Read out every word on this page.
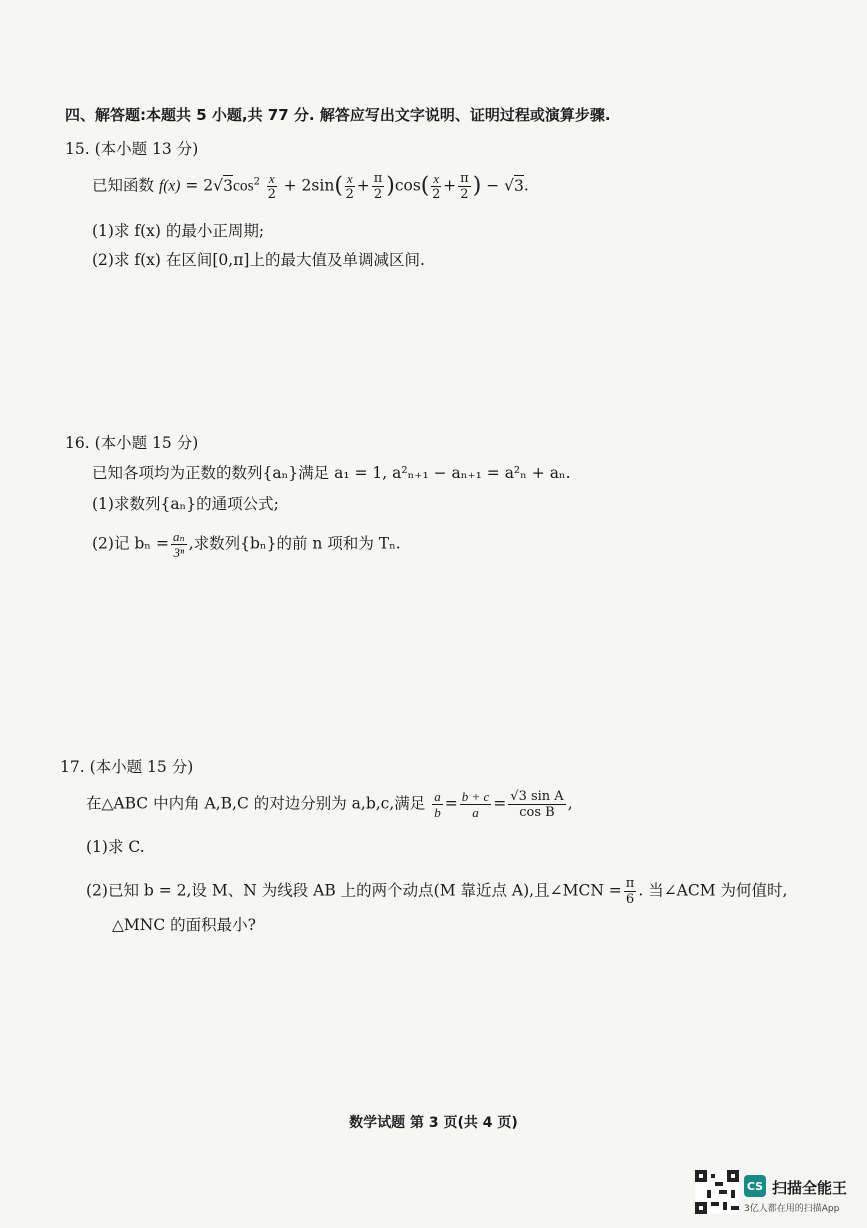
四、解答题:本题共 5 小题,共 77 分. 解答应写出文字说明、证明过程或演算步骤.
15. (本小题 13 分)
已知函数 $f(x) = 2√3\cos^2 \frac{x}{2} + 2\sin( \frac{x}{2} + \frac{\pi}{2} )\cos( \frac{x}{2} + \frac{\pi}{2}$ ) − √3.
(1)求 f(x) 的最小正周期;
(2)求 f(x) 在区间[0,π]上的最大值及单调减区间.
16. (本小题 15 分)
已知各项均为正数的数列{aₙ}满足 a₁ = 1, a²ₙ₊₁ − aₙ₊₁ = a²ₙ + aₙ.
(1)求数列{aₙ}的通项公式;
(2)记 $b_n = \frac{\text{aₙ}}{\text{3ⁿ}}$ ,求数列{bₙ}的前 n 项和为 Tₙ.
17. (本小题 15 分)
在△ABC 中内角 A,B,C 的对边分别为 a,b,c,满足 $\frac{a}{b} = \frac{b + c}{a} = \frac{\text{√3 sin A}}{\text{cos B}}$ ,
(1)求 C.
(2)已知 b = 2,设 M、N 为线段 AB 上的两个动点(M 靠近点 A),且∠MCN = $\frac{\pi}{6}$ . 当∠ACM 为何值时,
△MNC 的面积最小?
数学试题 第 3 页(共 4 页)
CS 扫描全能王
3亿人都在用的扫描App
